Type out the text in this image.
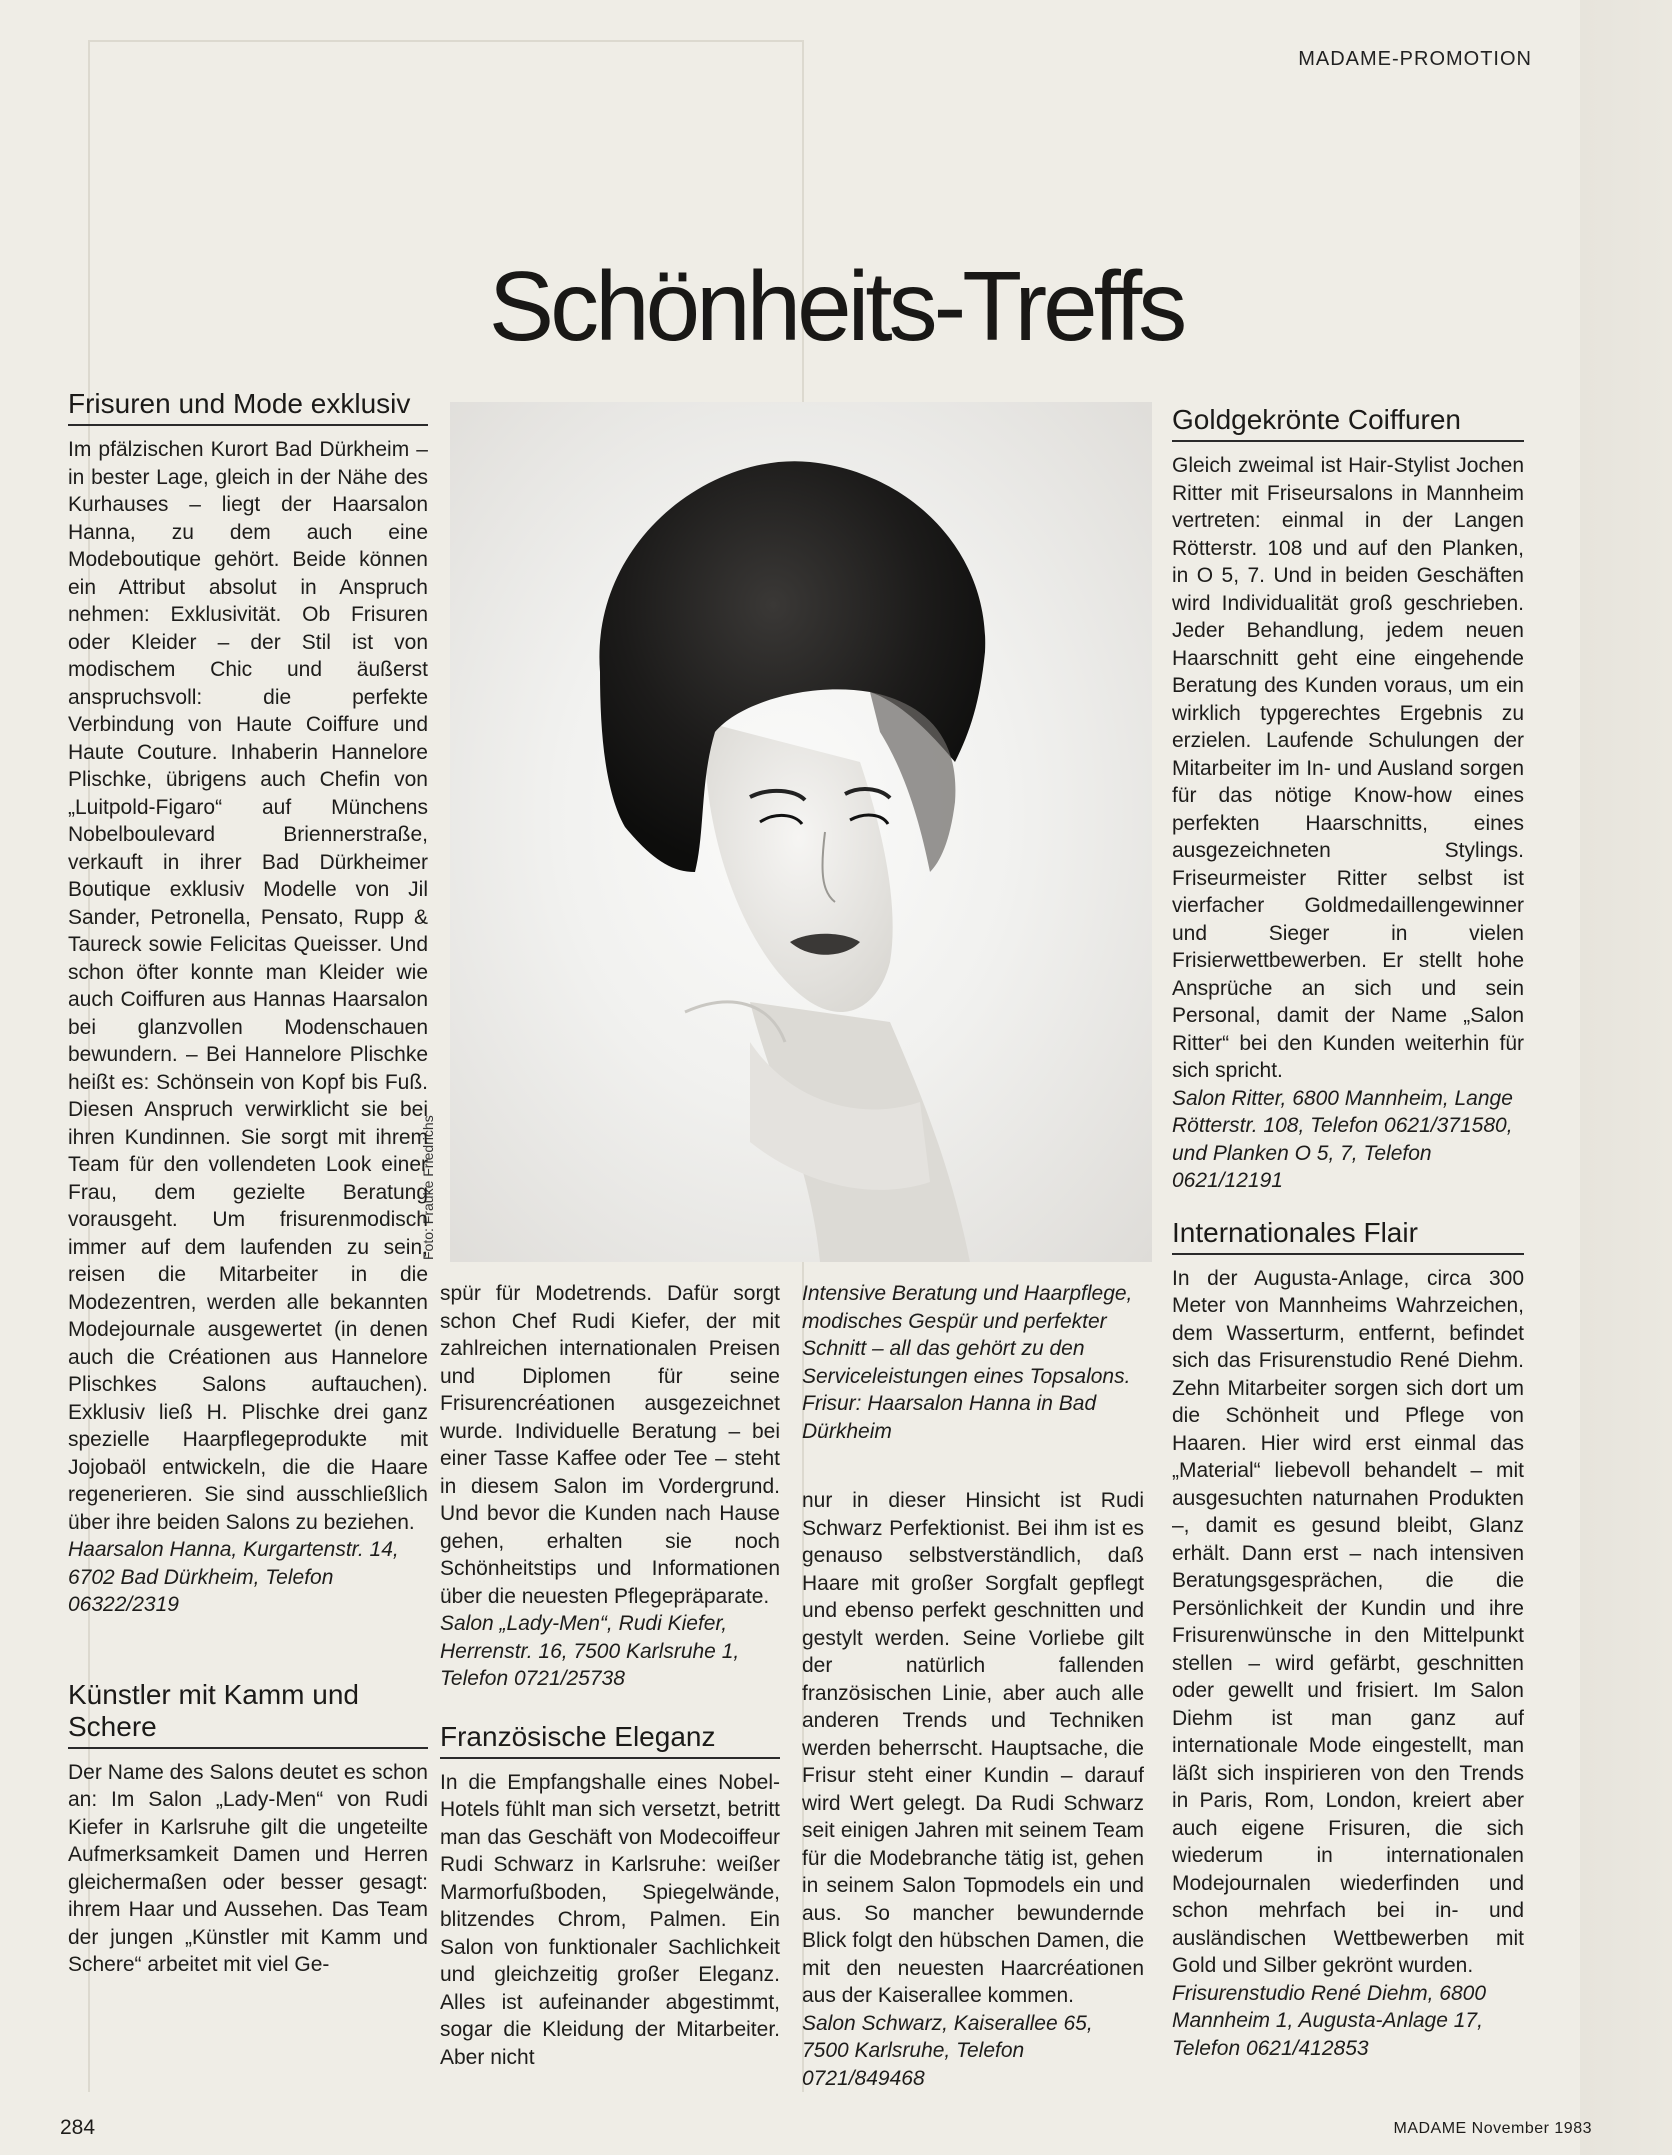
MADAME-PROMOTION
Schönheits-Treffs
Foto: Frauke Friedrichs
Frisuren und Mode exklusiv

Im pfälzischen Kurort Bad Dürkheim – in bester Lage, gleich in der Nähe des Kurhauses – liegt der Haarsalon Hanna, zu dem auch eine Modeboutique gehört. Beide können ein Attribut absolut in Anspruch nehmen: Exklusivität. Ob Frisuren oder Kleider – der Stil ist von modischem Chic und äußerst anspruchsvoll: die perfekte Verbindung von Haute Coiffure und Haute Couture. Inhaberin Hannelore Plischke, übrigens auch Chefin von „Luitpold-Figaro“ auf Münchens Nobelboulevard Briennerstraße, verkauft in ihrer Bad Dürkheimer Boutique exklusiv Modelle von Jil Sander, Petronella, Pensato, Rupp & Taureck sowie Felicitas Queisser. Und schon öfter konnte man Kleider wie auch Coiffuren aus Hannas Haarsalon bei glanzvollen Modenschauen bewundern. – Bei Hannelore Plischke heißt es: Schönsein von Kopf bis Fuß. Diesen Anspruch verwirklicht sie bei ihren Kundinnen. Sie sorgt mit ihrem Team für den vollendeten Look einer Frau, dem gezielte Beratung vorausgeht. Um frisurenmodisch immer auf dem laufenden zu sein, reisen die Mitarbeiter in die Modezentren, werden alle bekannten Modejournale ausgewertet (in denen auch die Créationen aus Hannelore Plischkes Salons auftauchen). Exklusiv ließ H. Plischke drei ganz spezielle Haarpflegeprodukte mit Jojobaöl entwickeln, die die Haare regenerieren. Sie sind ausschließlich über ihre beiden Salons zu beziehen.

Haarsalon Hanna, Kurgartenstr. 14, 6702 Bad Dürkheim, Telefon 06322/2319

Künstler mit Kamm und Schere

Der Name des Salons deutet es schon an: Im Salon „Lady-Men“ von Rudi Kiefer in Karlsruhe gilt die ungeteilte Aufmerksamkeit Damen und Herren gleichermaßen oder besser gesagt: ihrem Haar und Aussehen. Das Team der jungen „Künstler mit Kamm und Schere“ arbeitet mit viel Ge-

spür für Modetrends. Dafür sorgt schon Chef Rudi Kiefer, der mit zahlreichen internationalen Preisen und Diplomen für seine Frisurencréationen ausgezeichnet wurde. Individuelle Beratung – bei einer Tasse Kaffee oder Tee – steht in diesem Salon im Vordergrund. Und bevor die Kunden nach Hause gehen, erhalten sie noch Schönheitstips und Informationen über die neuesten Pflegepräparate.

Salon „Lady-Men“, Rudi Kiefer, Herrenstr. 16, 7500 Karlsruhe 1, Telefon 0721/25738

Französische Eleganz

In die Empfangshalle eines Nobel-Hotels fühlt man sich versetzt, betritt man das Geschäft von Modecoiffeur Rudi Schwarz in Karlsruhe: weißer Marmorfußboden, Spiegelwände, blitzendes Chrom, Palmen. Ein Salon von funktionaler Sachlichkeit und gleichzeitig großer Eleganz. Alles ist aufeinander abgestimmt, sogar die Kleidung der Mitarbeiter. Aber nicht

Intensive Beratung und Haarpflege, modisches Gespür und perfekter Schnitt – all das gehört zu den Serviceleistungen eines Topsalons. Frisur: Haarsalon Hanna in Bad Dürkheim

nur in dieser Hinsicht ist Rudi Schwarz Perfektionist. Bei ihm ist es genauso selbstverständlich, daß Haare mit großer Sorgfalt gepflegt und ebenso perfekt geschnitten und gestylt werden. Seine Vorliebe gilt der natürlich fallenden französischen Linie, aber auch alle anderen Trends und Techniken werden beherrscht. Hauptsache, die Frisur steht einer Kundin – darauf wird Wert gelegt. Da Rudi Schwarz seit einigen Jahren mit seinem Team für die Modebranche tätig ist, gehen in seinem Salon Topmodels ein und aus. So mancher bewundernde Blick folgt den hübschen Damen, die mit den neuesten Haarcréationen aus der Kaiserallee kommen.

Salon Schwarz, Kaiserallee 65, 7500 Karlsruhe, Telefon 0721/849468

Goldgekrönte Coiffuren

Gleich zweimal ist Hair-Stylist Jochen Ritter mit Friseursalons in Mannheim vertreten: einmal in der Langen Rötterstr. 108 und auf den Planken, in O 5, 7. Und in beiden Geschäften wird Individualität groß geschrieben. Jeder Behandlung, jedem neuen Haarschnitt geht eine eingehende Beratung des Kunden voraus, um ein wirklich typgerechtes Ergebnis zu erzielen. Laufende Schulungen der Mitarbeiter im In- und Ausland sorgen für das nötige Know-how eines perfekten Haarschnitts, eines ausgezeichneten Stylings. Friseurmeister Ritter selbst ist vierfacher Goldmedaillengewinner und Sieger in vielen Frisierwettbewerben. Er stellt hohe Ansprüche an sich und sein Personal, damit der Name „Salon Ritter“ bei den Kunden weiterhin für sich spricht.

Salon Ritter, 6800 Mannheim, Lange Rötterstr. 108, Telefon 0621/371580, und Planken O 5, 7, Telefon 0621/12191

Internationales Flair

In der Augusta-Anlage, circa 300 Meter von Mannheims Wahrzeichen, dem Wasserturm, entfernt, befindet sich das Frisurenstudio René Diehm. Zehn Mitarbeiter sorgen sich dort um die Schönheit und Pflege von Haaren. Hier wird erst einmal das „Material“ liebevoll behandelt – mit ausgesuchten naturnahen Produkten –, damit es gesund bleibt, Glanz erhält. Dann erst – nach intensiven Beratungsgesprächen, die die Persönlichkeit der Kundin und ihre Frisurenwünsche in den Mittelpunkt stellen – wird gefärbt, geschnitten oder gewellt und frisiert. Im Salon Diehm ist man ganz auf internationale Mode eingestellt, man läßt sich inspirieren von den Trends in Paris, Rom, London, kreiert aber auch eigene Frisuren, die sich wiederum in internationalen Modejournalen wiederfinden und schon mehrfach bei in- und ausländischen Wettbewerben mit Gold und Silber gekrönt wurden.

Frisurenstudio René Diehm, 6800 Mannheim 1, Augusta-Anlage 17, Telefon 0621/412853

284	MADAME November 1983
